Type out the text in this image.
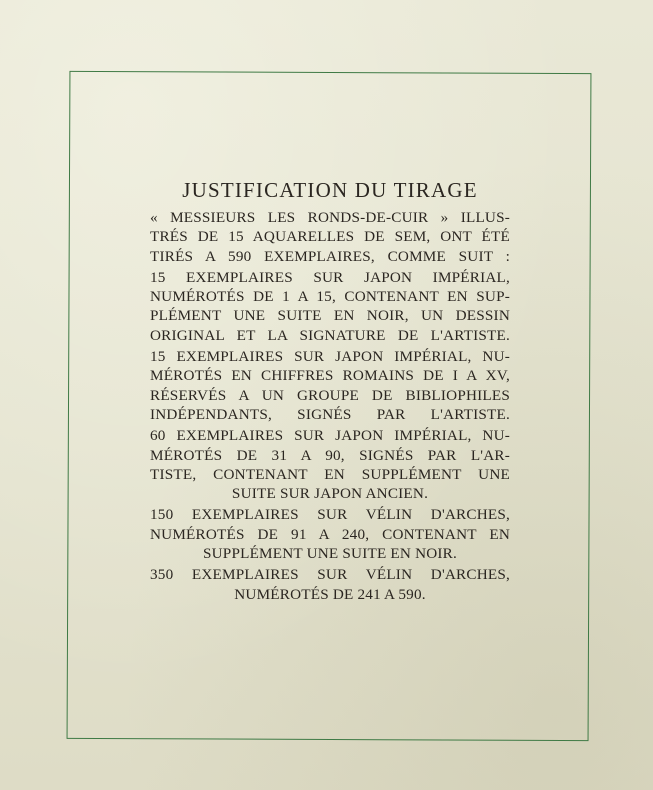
JUSTIFICATION DU TIRAGE

« MESSIEURS LES RONDS-DE-CUIR » ILLUS-
TRÉS DE 15 AQUARELLES DE SEM, ONT ÉTÉ
TIRÉS A 590 EXEMPLAIRES, COMME SUIT :

15 EXEMPLAIRES SUR JAPON IMPÉRIAL,
NUMÉROTÉS DE 1 A 15, CONTENANT EN SUP-
PLÉMENT UNE SUITE EN NOIR, UN DESSIN
ORIGINAL ET LA SIGNATURE DE L'ARTISTE.

15 EXEMPLAIRES SUR JAPON IMPÉRIAL, NU-
MÉROTÉS EN CHIFFRES ROMAINS DE I A XV,
RÉSERVÉS A UN GROUPE DE BIBLIOPHILES
INDÉPENDANTS, SIGNÉS PAR L'ARTISTE.

60 EXEMPLAIRES SUR JAPON IMPÉRIAL, NU-
MÉROTÉS DE 31 A 90, SIGNÉS PAR L'AR-
TISTE, CONTENANT EN SUPPLÉMENT UNE
SUITE SUR JAPON ANCIEN.

150 EXEMPLAIRES SUR VÉLIN D'ARCHES,
NUMÉROTÉS DE 91 A 240, CONTENANT EN
SUPPLÉMENT UNE SUITE EN NOIR.

350 EXEMPLAIRES SUR VÉLIN D'ARCHES,
NUMÉROTÉS DE 241 A 590.
